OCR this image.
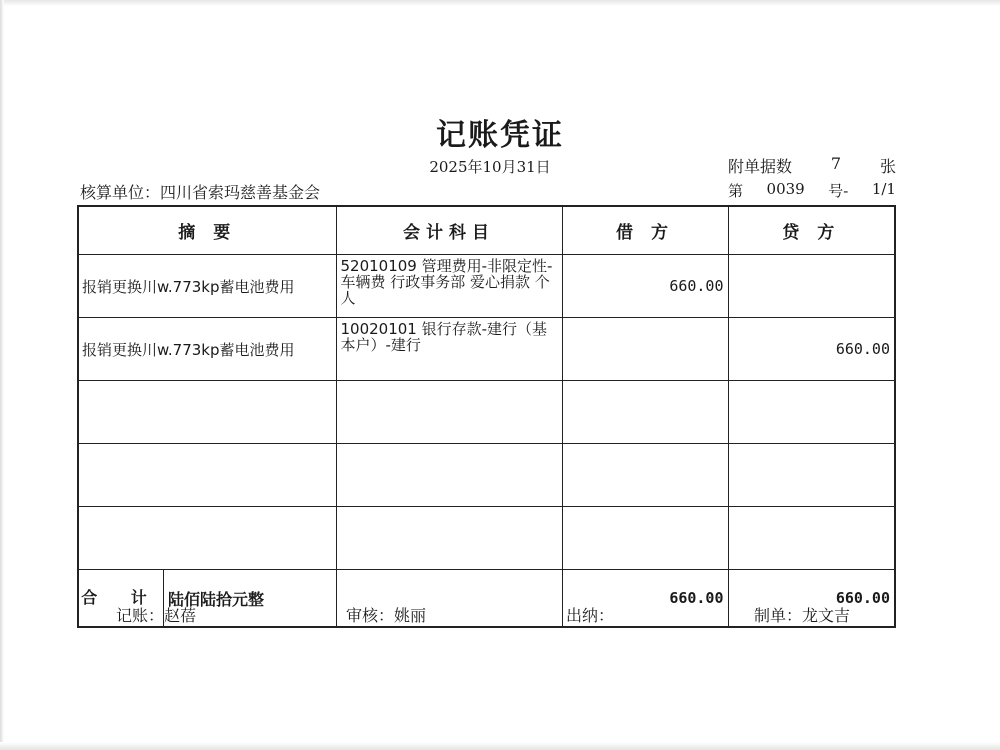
记账凭证
2025年10月31日	附单据数 7 张
核算单位：四川省索玛慈善基金会	第 0039 号- 1/1
摘 要	会计科目	借 方	贷 方
报销更换川w.773kp蓄电池费用	52010109 管理费用-非限定性-车辆费 行政事务部 爱心捐款 个人	660.00	
报销更换川w.773kp蓄电池费用	10020101 银行存款-建行（基本户）-建行		660.00

合 计 陆佰陆拾元整		660.00	660.00
记账：赵蓓	审核：姚丽	出纳：	制单：龙文吉
